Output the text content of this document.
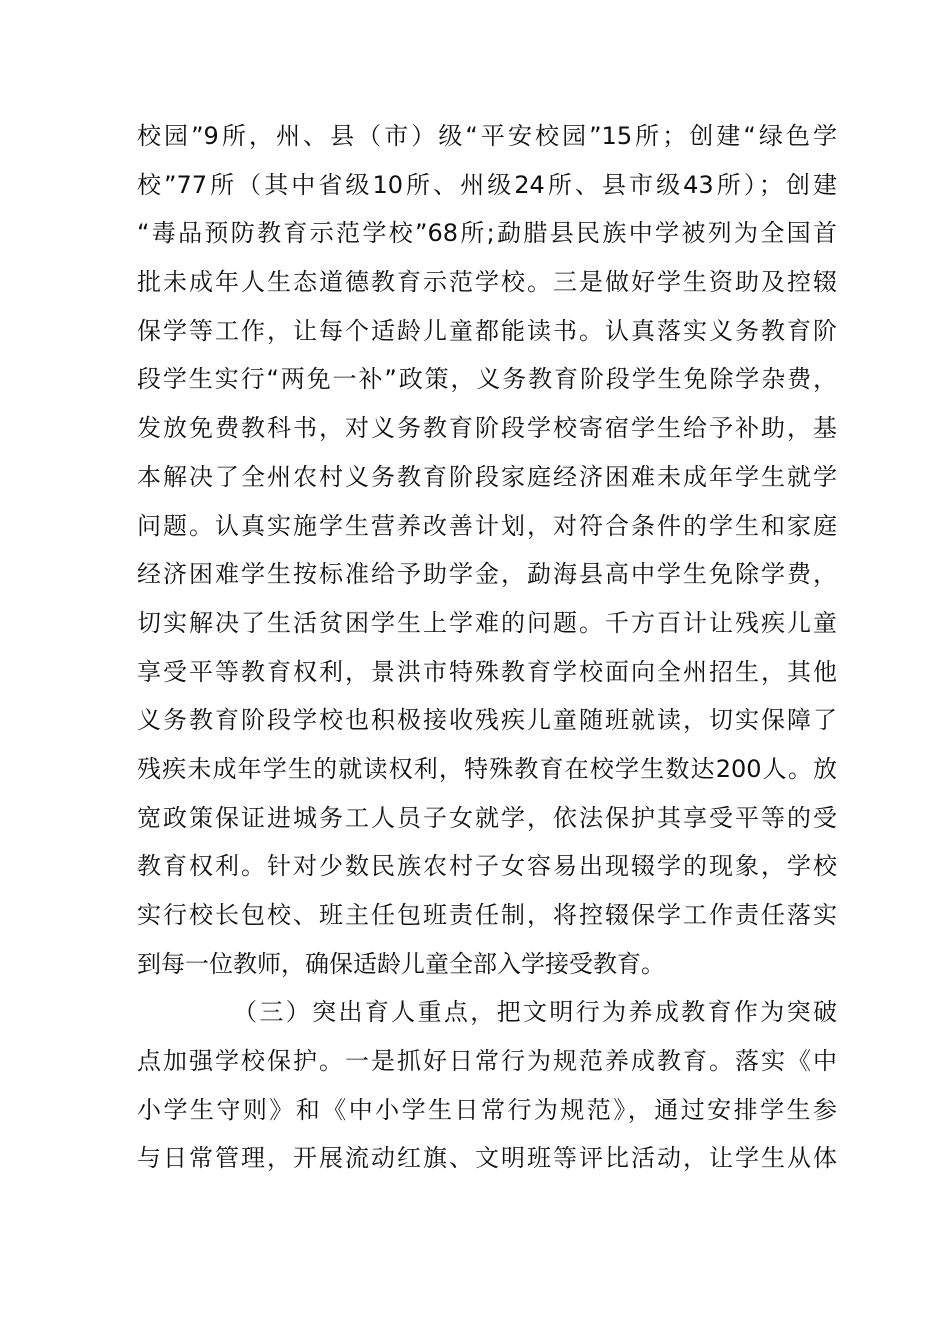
校园”9所，州、县（市）级“平安校园”15所；创建“绿色学
校”77所（其中省级10所、州级24所、县市级43所）；创建
“毒品预防教育示范学校”68所;勐腊县民族中学被列为全国首
批未成年人生态道德教育示范学校。三是做好学生资助及控辍
保学等工作，让每个适龄儿童都能读书。认真落实义务教育阶
段学生实行“两免一补”政策，义务教育阶段学生免除学杂费，
发放免费教科书，对义务教育阶段学校寄宿学生给予补助，基
本解决了全州农村义务教育阶段家庭经济困难未成年学生就学
问题。认真实施学生营养改善计划，对符合条件的学生和家庭
经济困难学生按标准给予助学金，勐海县高中学生免除学费，
切实解决了生活贫困学生上学难的问题。千方百计让残疾儿童
享受平等教育权利，景洪市特殊教育学校面向全州招生，其他
义务教育阶段学校也积极接收残疾儿童随班就读，切实保障了
残疾未成年学生的就读权利，特殊教育在校学生数达200人。放
宽政策保证进城务工人员子女就学，依法保护其享受平等的受
教育权利。针对少数民族农村子女容易出现辍学的现象，学校
实行校长包校、班主任包班责任制，将控辍保学工作责任落实
到每一位教师，确保适龄儿童全部入学接受教育。
（三）突出育人重点，把文明行为养成教育作为突破
点加强学校保护。一是抓好日常行为规范养成教育。落实《中
小学生守则》和《中小学生日常行为规范》，通过安排学生参
与日常管理，开展流动红旗、文明班等评比活动，让学生从体
